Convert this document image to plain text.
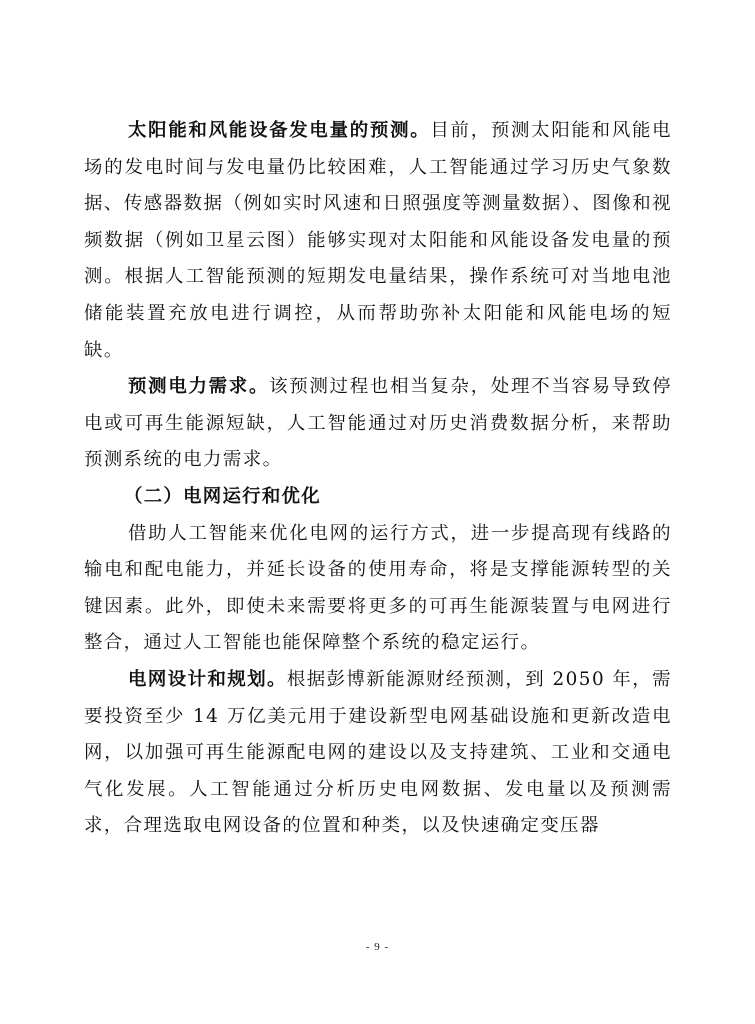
太阳能和风能设备发电量的预测。目前，预测太阳能和风能电场的发电时间与发电量仍比较困难，人工智能通过学习历史气象数据、传感器数据（例如实时风速和日照强度等测量数据）、图像和视频数据（例如卫星云图）能够实现对太阳能和风能设备发电量的预测。根据人工智能预测的短期发电量结果，操作系统可对当地电池储能装置充放电进行调控，从而帮助弥补太阳能和风能电场的短缺。

预测电力需求。该预测过程也相当复杂，处理不当容易导致停电或可再生能源短缺，人工智能通过对历史消费数据分析，来帮助预测系统的电力需求。

（二）电网运行和优化

借助人工智能来优化电网的运行方式，进一步提高现有线路的输电和配电能力，并延长设备的使用寿命，将是支撑能源转型的关键因素。此外，即使未来需要将更多的可再生能源装置与电网进行整合，通过人工智能也能保障整个系统的稳定运行。

电网设计和规划。根据彭博新能源财经预测，到 2050 年，需要投资至少 14 万亿美元用于建设新型电网基础设施和更新改造电网，以加强可再生能源配电网的建设以及支持建筑、工业和交通电气化发展。人工智能通过分析历史电网数据、发电量以及预测需求，合理选取电网设备的位置和种类，以及快速确定变压器

- 9 -
